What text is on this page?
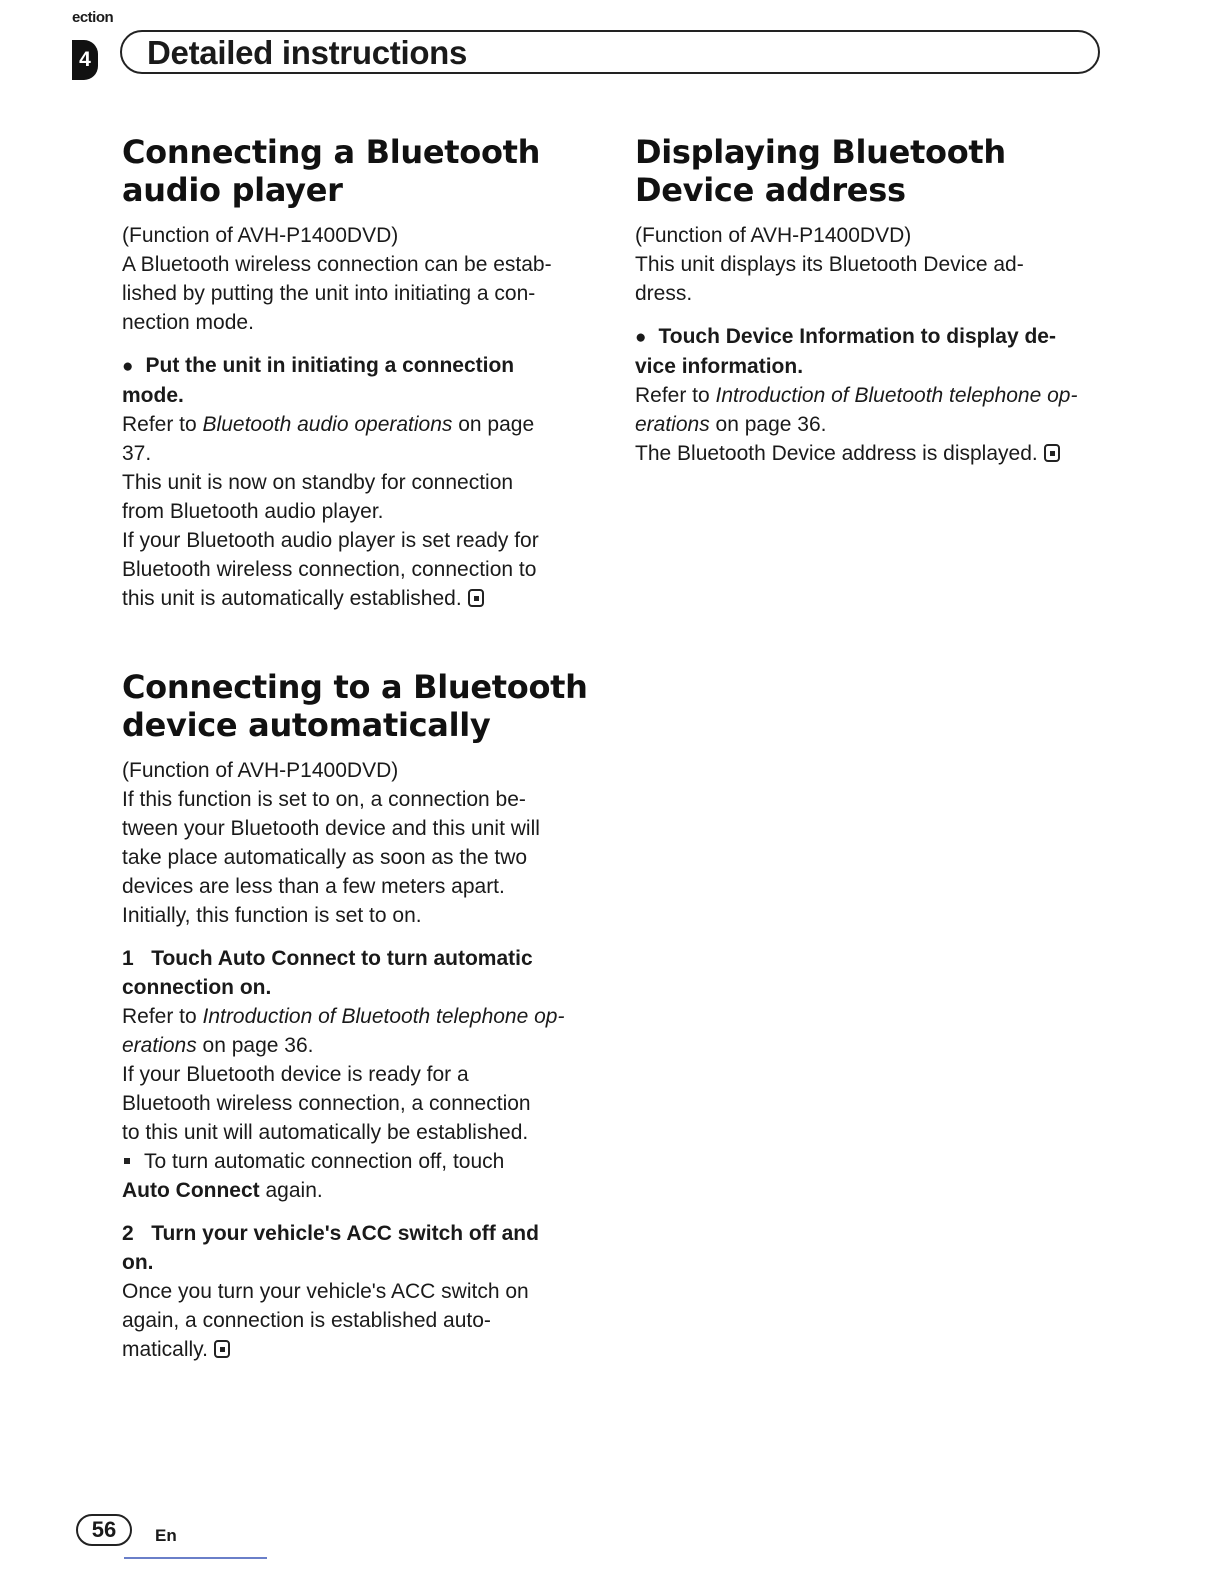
ection
4 Detailed instructions
Connecting a Bluetooth
audio player

(Function of AVH-P1400DVD)

A Bluetooth wireless connection can be estab-

lished by putting the unit into initiating a con-

nection mode.

● Put the unit in initiating a connection
mode.

Refer to Bluetooth audio operations on page

37.

This unit is now on standby for connection

from Bluetooth audio player.

If your Bluetooth audio player is set ready for

Bluetooth wireless connection, connection to

this unit is automatically established.

Connecting to a Bluetooth
device automatically

(Function of AVH-P1400DVD)

If this function is set to on, a connection be-

tween your Bluetooth device and this unit will

take place automatically as soon as the two

devices are less than a few meters apart.

Initially, this function is set to on.

1 Touch Auto Connect to turn automatic
connection on.

Refer to Introduction of Bluetooth telephone op-

erations on page 36.

If your Bluetooth device is ready for a

Bluetooth wireless connection, a connection

to this unit will automatically be established.

To turn automatic connection off, touch

Auto Connect again.

2 Turn your vehicle's ACC switch off and
on.

Once you turn your vehicle's ACC switch on

again, a connection is established auto-

matically.

Displaying Bluetooth
Device address

(Function of AVH-P1400DVD)

This unit displays its Bluetooth Device ad-

dress.

● Touch Device Information to display de-
vice information.

Refer to Introduction of Bluetooth telephone op-

erations on page 36.

The Bluetooth Device address is displayed.

56	En
